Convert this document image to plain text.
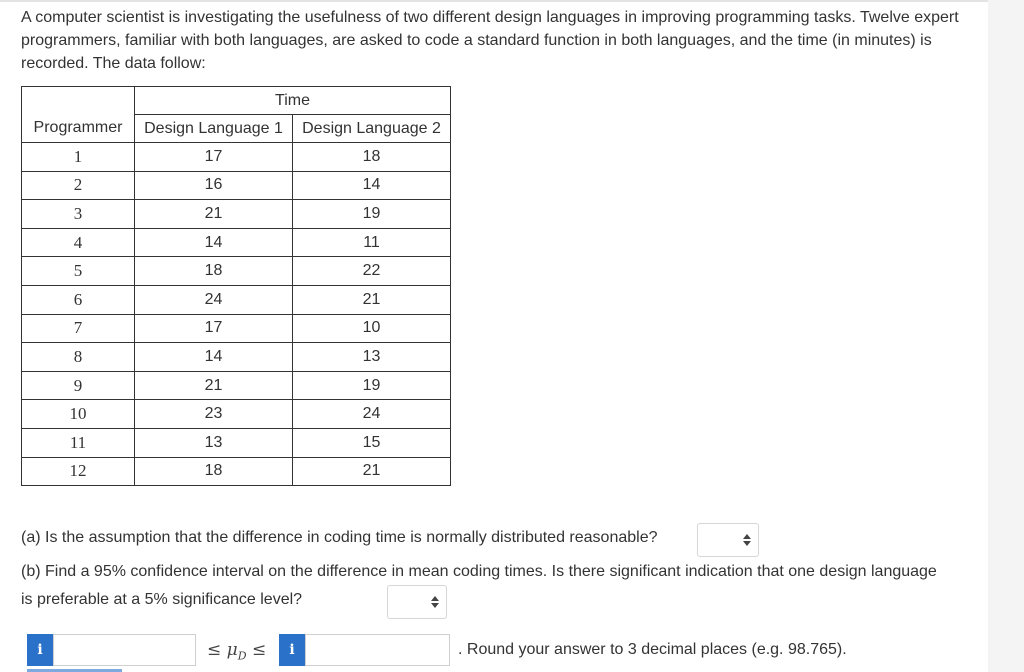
A computer scientist is investigating the usefulness of two different design languages in improving programming tasks. Twelve expert programmers, familiar with both languages, are asked to code a standard function in both languages, and the time (in minutes) is recorded. The data follow:

	Time	
Programmer	Design Language 1	Design Language 2
1	17	18
2	16	14
3	21	19
4	14	11
5	18	22
6	24	21
7	17	10
8	14	13
9	21	19
10	23	24
11	13	15
12	18	21

(a) Is the assumption that the difference in coding time is normally distributed reasonable?

(b) Find a 95% confidence interval on the difference in mean coding times. Is there significant indication that one design language is preferable at a 5% significance level?

i	≤ $\mu_D$ ≤	i	. Round your answer to 3 decimal places (e.g. 98.765).
